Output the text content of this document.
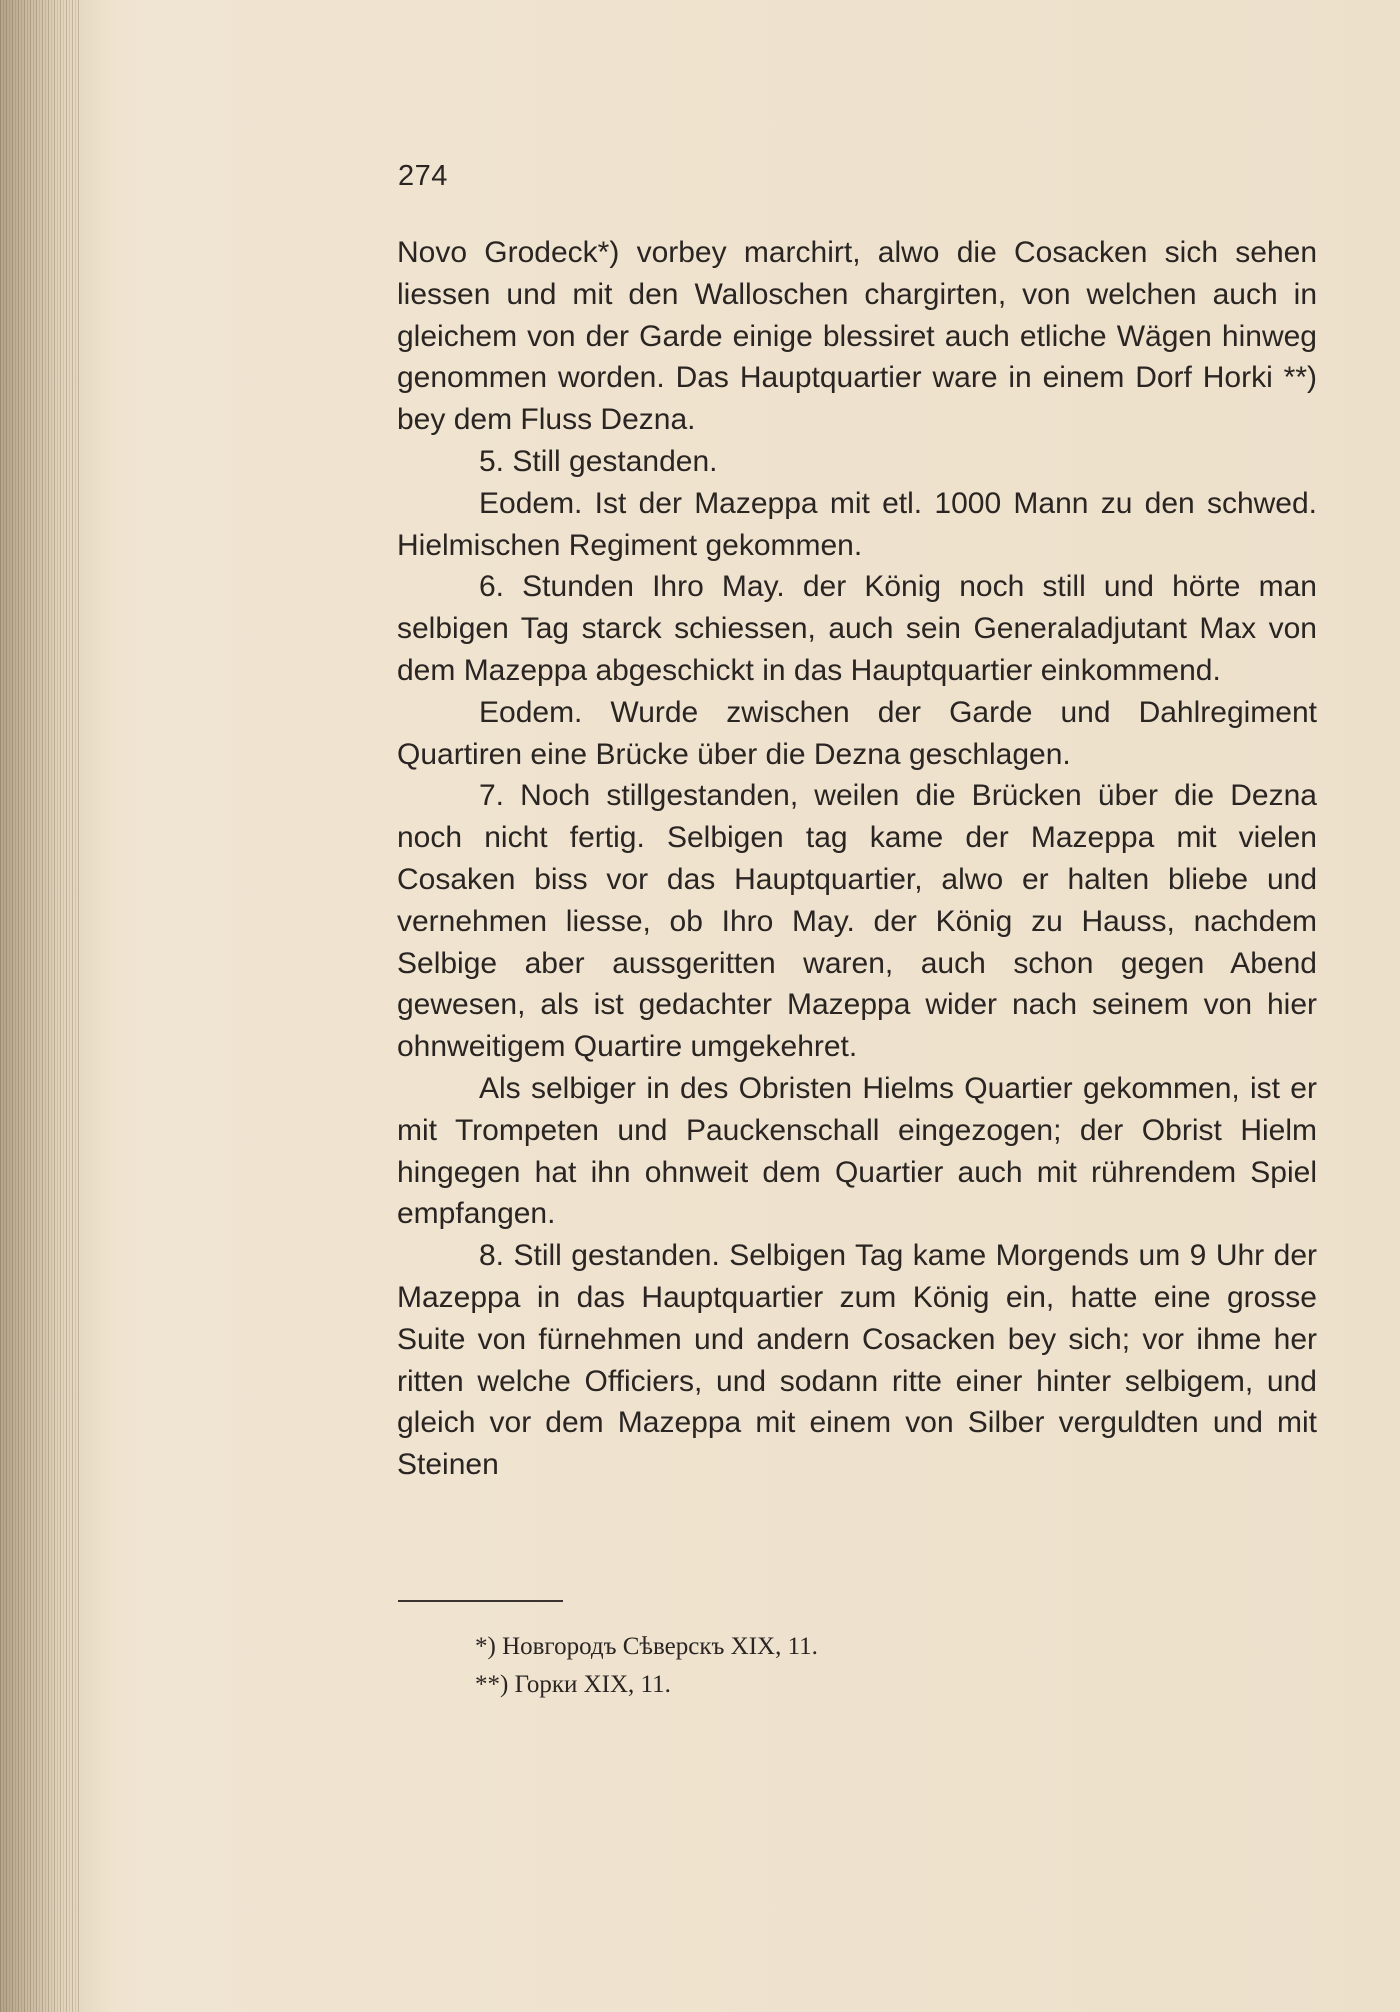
274

Novo Grodeck*) vorbey marchirt, alwo die Cosacken sich sehen liessen und mit den Walloschen chargirten, von welchen auch in gleichem von der Garde einige blessiret auch etliche Wägen hinweg genommen worden. Das Hauptquartier ware in einem Dorf Horki **) bey dem Fluss Dezna.

5. Still gestanden.

Eodem. Ist der Mazeppa mit etl. 1000 Mann zu den schwed. Hielmischen Regiment gekommen.

6. Stunden Ihro May. der König noch still und hörte man selbigen Tag starck schiessen, auch sein Generaladjutant Max von dem Mazeppa abgeschickt in das Hauptquartier einkommend.

Eodem. Wurde zwischen der Garde und Dahlregiment Quartiren eine Brücke über die Dezna geschlagen.

7. Noch stillgestanden, weilen die Brücken über die Dezna noch nicht fertig. Selbigen tag kame der Mazeppa mit vielen Cosaken biss vor das Hauptquartier, alwo er halten bliebe und vernehmen liesse, ob Ihro May. der König zu Hauss, nachdem Selbige aber aussgeritten waren, auch schon gegen Abend gewesen, als ist gedachter Mazeppa wider nach seinem von hier ohnweitigem Quartire umgekehret.

Als selbiger in des Obristen Hielms Quartier gekommen, ist er mit Trompeten und Pauckenschall eingezogen; der Obrist Hielm hingegen hat ihn ohnweit dem Quartier auch mit rührendem Spiel empfangen.

8. Still gestanden. Selbigen Tag kame Morgends um 9 Uhr der Mazeppa in das Hauptquartier zum König ein, hatte eine grosse Suite von fürnehmen und andern Cosacken bey sich; vor ihme her ritten welche Officiers, und sodann ritte einer hinter selbigem, und gleich vor dem Mazeppa mit einem von Silber verguldten und mit Steinen

*) Новгородъ Сѣверскъ XIX, 11.
**) Горки XIX, 11.
